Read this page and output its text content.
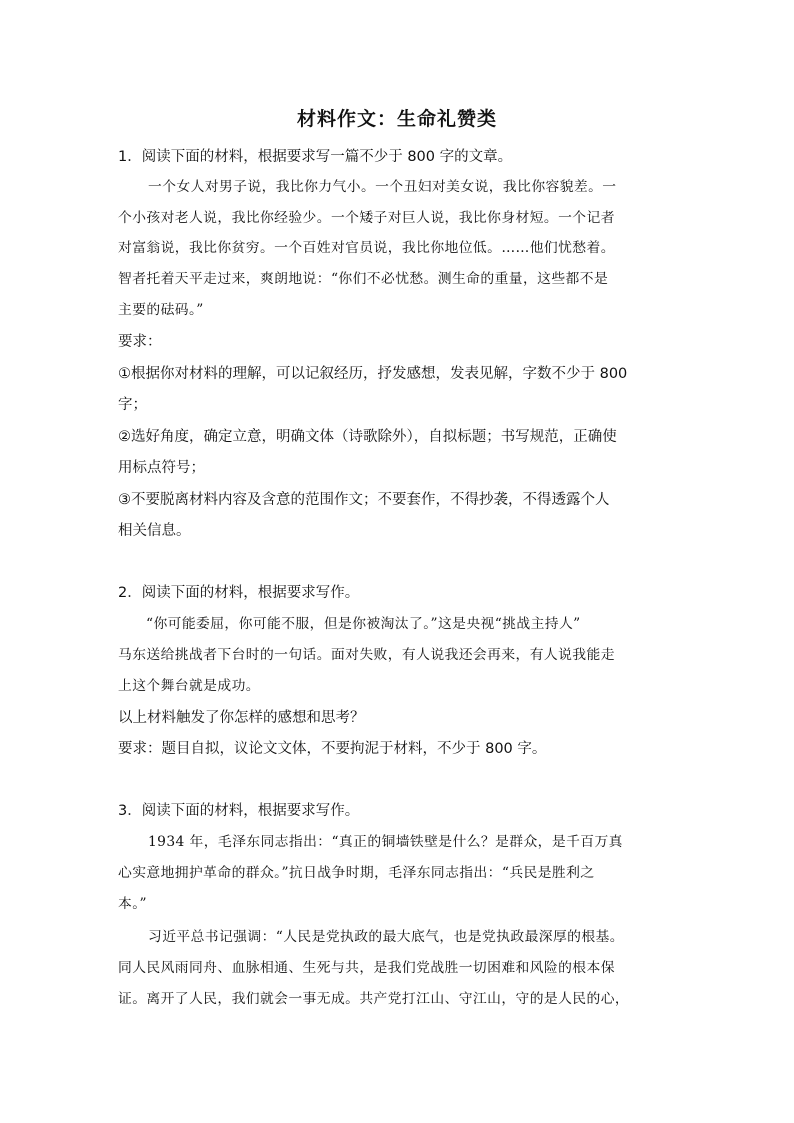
材料作文：生命礼赞类
1．阅读下面的材料，根据要求写一篇不少于 800 字的文章。
一个女人对男子说，我比你力气小。一个丑妇对美女说，我比你容貌差。一
个小孩对老人说，我比你经验少。一个矮子对巨人说，我比你身材短。一个记者
对富翁说，我比你贫穷。一个百姓对官员说，我比你地位低。……他们忧愁着。
智者托着天平走过来，爽朗地说：“你们不必忧愁。测生命的重量，这些都不是
主要的砝码。”
要求：
①根据你对材料的理解，可以记叙经历，抒发感想，发表见解，字数不少于 800
字；
②选好角度，确定立意，明确文体（诗歌除外），自拟标题；书写规范，正确使
用标点符号；
③不要脱离材料内容及含意的范围作文；不要套作，不得抄袭，不得透露个人
相关信息。
2．阅读下面的材料，根据要求写作。
“你可能委屈，你可能不服，但是你被淘汰了。”这是央视“挑战主持人”
马东送给挑战者下台时的一句话。面对失败，有人说我还会再来，有人说我能走
上这个舞台就是成功。
以上材料触发了你怎样的感想和思考？
要求：题目自拟，议论文文体，不要拘泥于材料，不少于 800 字。
3．阅读下面的材料，根据要求写作。
1934 年，毛泽东同志指出：“真正的铜墙铁壁是什么？是群众，是千百万真
心实意地拥护革命的群众。”抗日战争时期，毛泽东同志指出：“兵民是胜利之
本。”
习近平总书记强调：“人民是党执政的最大底气，也是党执政最深厚的根基。
同人民风雨同舟、血脉相通、生死与共，是我们党战胜一切困难和风险的根本保
证。离开了人民，我们就会一事无成。共产党打江山、守江山，守的是人民的心，
